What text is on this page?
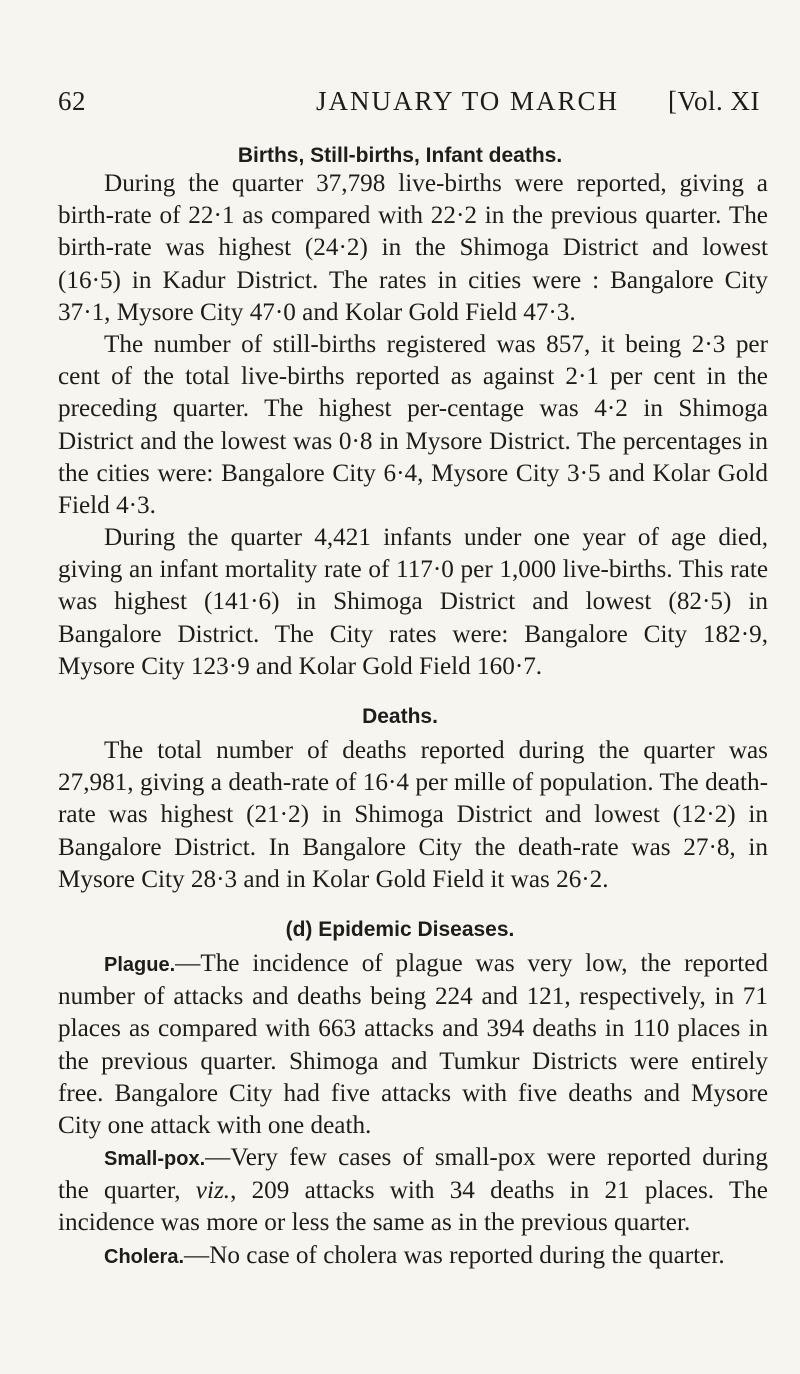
62	JANUARY TO MARCH [Vol. XI
Births, Still-births, Infant deaths.

During the quarter 37,798 live-births were reported, giving a birth-rate of 22·1 as compared with 22·2 in the previous quarter. The birth-rate was highest (24·2) in the Shimoga District and lowest (16·5) in Kadur District. The rates in cities were : Bangalore City 37·1, Mysore City 47·0 and Kolar Gold Field 47·3.

The number of still-births registered was 857, it being 2·3 per cent of the total live-births reported as against 2·1 per cent in the preceding quarter. The highest per-centage was 4·2 in Shimoga District and the lowest was 0·8 in Mysore District. The percentages in the cities were: Bangalore City 6·4, Mysore City 3·5 and Kolar Gold Field 4·3.

During the quarter 4,421 infants under one year of age died, giving an infant mortality rate of 117·0 per 1,000 live-births. This rate was highest (141·6) in Shimoga District and lowest (82·5) in Bangalore District. The City rates were: Bangalore City 182·9, Mysore City 123·9 and Kolar Gold Field 160·7.

Deaths.

The total number of deaths reported during the quarter was 27,981, giving a death-rate of 16·4 per mille of population. The death-rate was highest (21·2) in Shimoga District and lowest (12·2) in Bangalore District. In Bangalore City the death-rate was 27·8, in Mysore City 28·3 and in Kolar Gold Field it was 26·2.

(d) Epidemic Diseases.

Plague.—The incidence of plague was very low, the reported number of attacks and deaths being 224 and 121, respectively, in 71 places as compared with 663 attacks and 394 deaths in 110 places in the previous quarter. Shimoga and Tumkur Districts were entirely free. Bangalore City had five attacks with five deaths and Mysore City one attack with one death.

Small-pox.—Very few cases of small-pox were reported during the quarter, viz., 209 attacks with 34 deaths in 21 places. The incidence was more or less the same as in the previous quarter.

Cholera.—No case of cholera was reported during the quarter.
